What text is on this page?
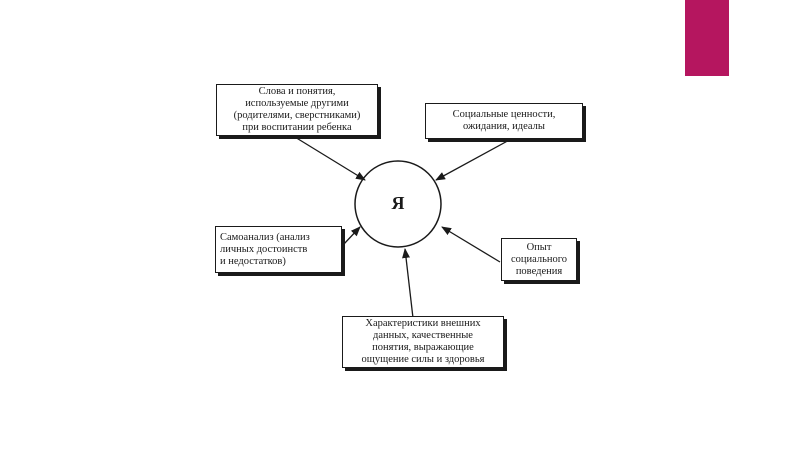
Я
Слова и понятия,
используемые другими
(родителями, сверстниками)
при воспитании ребенка
Социальные ценности,
ожидания, идеалы
Самоанализ (анализ
личных достоинств
и недостатков)
Опыт
социального
поведения
Характеристики внешних
данных, качественные
понятия, выражающие
ощущение силы и здоровья
